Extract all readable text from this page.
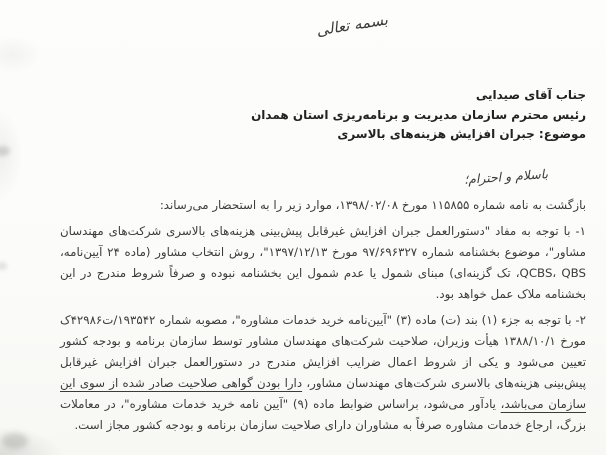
بسمه تعالی
جناب آقای صیدایی
رئیس محترم سازمان مدیریت و برنامه‌ریزی استان همدان
موضوع: جبران افزایش هزینه‌های بالاسری
باسلام و احترام؛

بازگشت به نامه شماره ۱۱۵۸۵۵ مورخ ۱۳۹۸/۰۲/۰۸، موارد زیر را به استحضار می‌رساند:

۱- با توجه به مفاد "دستورالعمل جبران افزایش غیرقابل پیش‌بینی هزینه‌های بالاسری شرکت‌های مهندسان مشاور"، موضوع بخشنامه شماره ۹۷/۶۹۶۳۲۷ مورخ ۱۳۹۷/۱۲/۱۳"، روش انتخاب مشاور (ماده ۲۴ آیین‌نامه، QCBS، QBS، تک گزینه‌ای) مبنای شمول یا عدم شمول این بخشنامه نبوده و صرفاً شروط مندرج در این بخشنامه ملاک عمل خواهد بود.

۲- با توجه به جزء (۱) بند (ت) ماده (۳) "آیین‌نامه خرید خدمات مشاوره"، مصوبه شماره ۱۹۳۵۴۲/ت۴۲۹۸۶ک مورخ ۱۳۸۸/۱۰/۱ هیأت وزیران، صلاحیت شرکت‌های مهندسان مشاور توسط سازمان برنامه و بودجه کشور تعیین می‌شود و یکی از شروط اعمال ضرایب افزایش مندرج در دستورالعمل جبران افزایش غیرقابل پیش‌بینی هزینه‌های بالاسری شرکت‌های مهندسان مشاور، دارا بودن گواهی صلاحیت صادر شده از سوی این سازمان می‌باشد، یادآور می‌شود، براساس ضوابط ماده (۹) "آیین نامه خرید خدمات مشاوره"، در معاملات بزرگ، ارجاع خدمات مشاوره صرفاً به مشاوران دارای صلاحیت سازمان برنامه و بودجه کشور مجاز است.
